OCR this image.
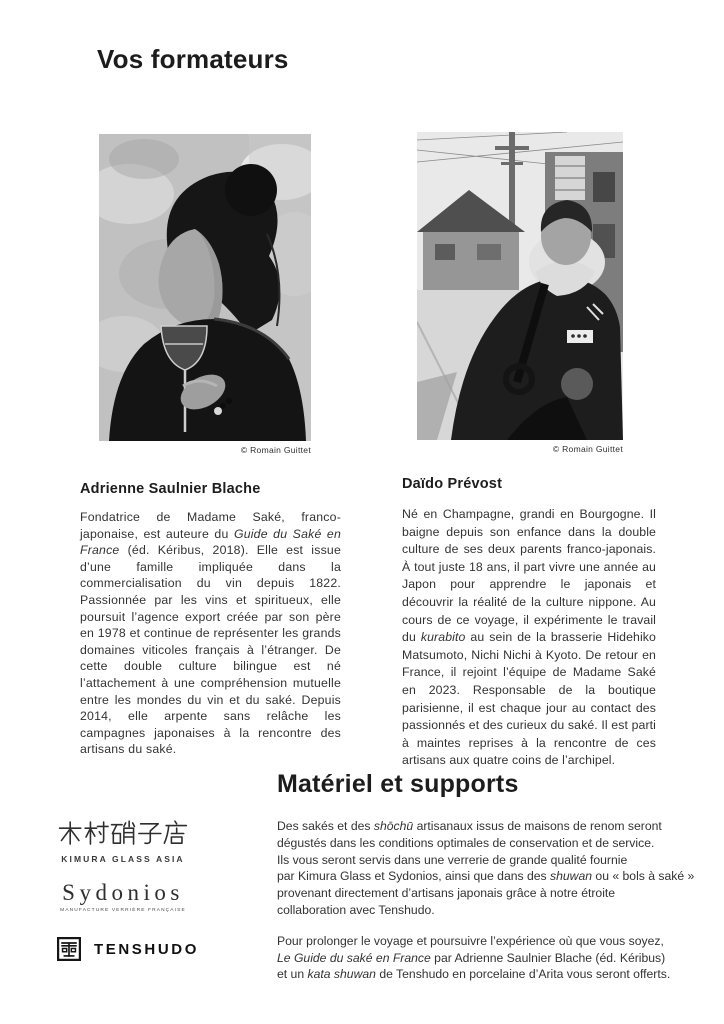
Vos formateurs
© Romain Guittet	© Romain Guittet
Adrienne Saulnier Blache

Fondatrice de Madame Saké, franco-japonaise, est auteure du Guide du Saké en France (éd. Kéribus, 2018). Elle est issue d’une famille impliquée dans la commercialisation du vin depuis 1822. Passionnée par les vins et spiritueux, elle poursuit l’agence export créée par son père en 1978 et continue de représenter les grands domaines viticoles français à l’étranger. De cette double culture bilingue est né l’attachement à une compréhension mutuelle entre les mondes du vin et du saké. Depuis 2014, elle arpente sans relâche les campagnes japonaises à la rencontre des artisans du saké.

Daïdo Prévost

Né en Champagne, grandi en Bourgogne. Il baigne depuis son enfance dans la double culture de ses deux parents franco-japonais. À tout juste 18 ans, il part vivre une année au Japon pour apprendre le japonais et découvrir la réalité de la culture nippone. Au cours de ce voyage, il expérimente le travail du kurabito au sein de la brasserie Hidehiko Matsumoto, Nichi Nichi à Kyoto. De retour en France, il rejoint l’équipe de Madame Saké en 2023. Responsable de la boutique parisienne, il est chaque jour au contact des passionnés et des curieux du saké. Il est parti à maintes reprises à la rencontre de ces artisans aux quatre coins de l’archipel.

Matériel et supports

Des sakés et des shōchū artisanaux issus de maisons de renom seront
dégustés dans les conditions optimales de conservation et de service.
Ils vous seront servis dans une verrerie de grande qualité fournie
par Kimura Glass et Sydonios, ainsi que dans des shuwan ou « bols à saké »
provenant directement d’artisans japonais grâce à notre étroite
collaboration avec Tenshudo.

Pour prolonger le voyage et poursuivre l’expérience où que vous soyez,
Le Guide du saké en France par Adrienne Saulnier Blache (éd. Kéribus)
et un kata shuwan de Tenshudo en porcelaine d’Arita vous seront offerts.

KIMURA GLASS ASIA
Sydonios
MANUFACTURE VERRIÈRE FRANÇAISE
TENSHUDO
